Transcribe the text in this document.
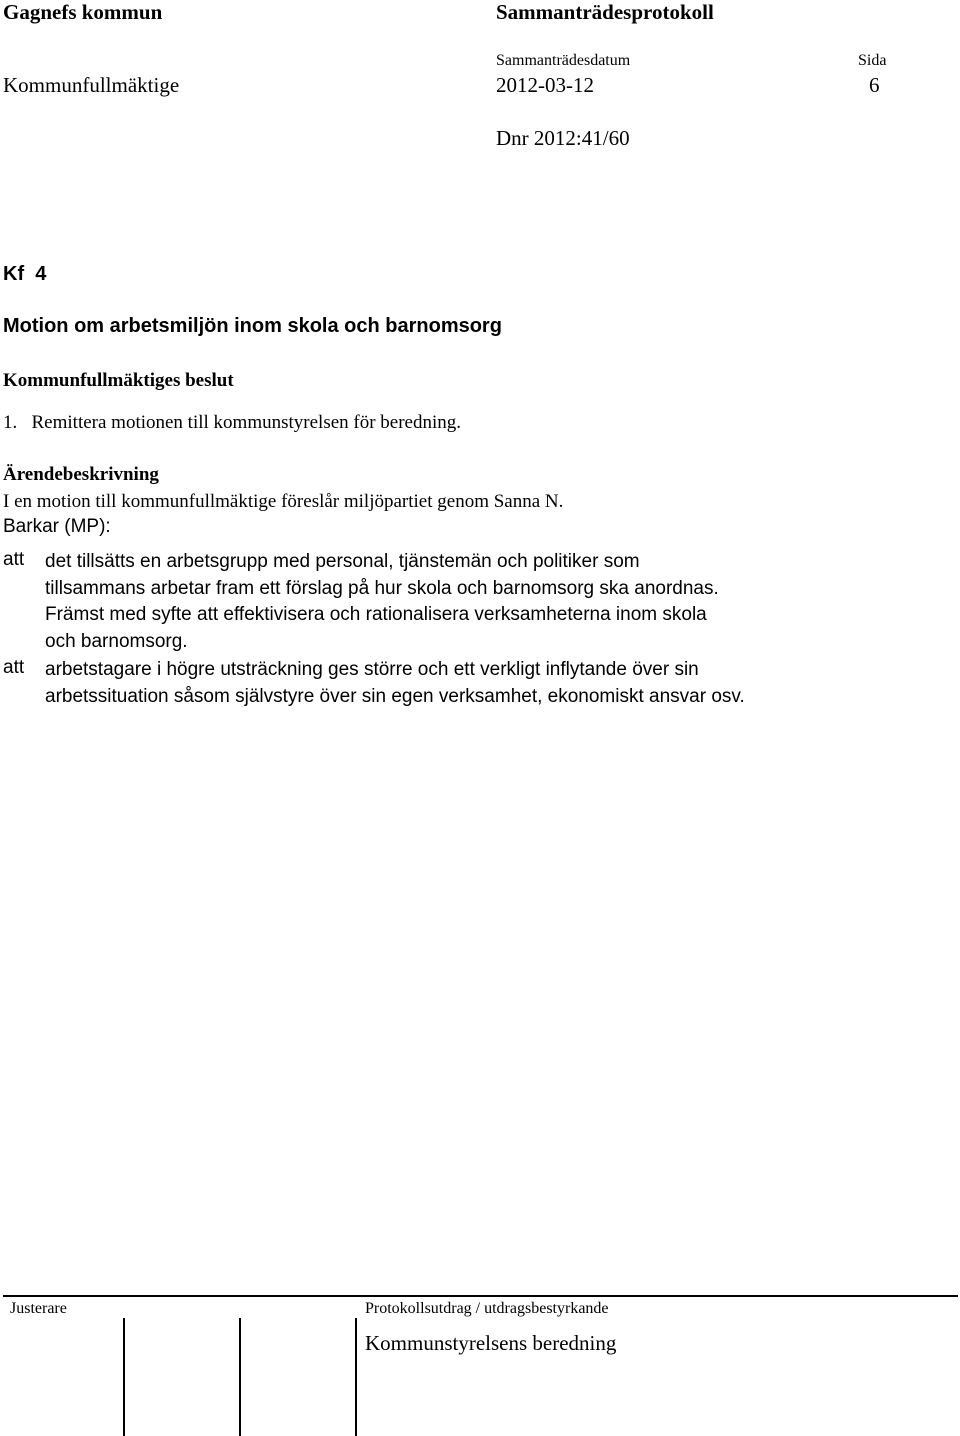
Gagnefs kommun	Sammanträdesprotokoll
Sammanträdesdatum	Sida
Kommunfullmäktige	2012-03-12	6
Dnr 2012:41/60
Kf  4
Motion om arbetsmiljön inom skola och barnomsorg
Kommunfullmäktiges beslut
1.   Remittera motionen till kommunstyrelsen för beredning.
Ärendebeskrivning
I en motion till kommunfullmäktige föreslår miljöpartiet genom Sanna N.
Barkar (MP):
att det tillsätts en arbetsgrupp med personal, tjänstemän och politiker som tillsammans arbetar fram ett förslag på hur skola och barnomsorg ska anordnas. Främst med syfte att effektivisera och rationalisera verksamheterna inom skola och barnomsorg.
att arbetstagare i högre utsträckning ges större och ett verkligt inflytande över sin arbetssituation såsom självstyre över sin egen verksamhet, ekonomiskt ansvar osv.
Justerare	Protokollsutdrag / utdragsbestyrkande
Kommunstyrelsens beredning
